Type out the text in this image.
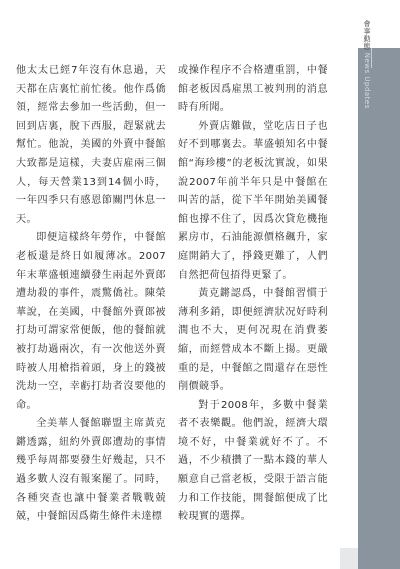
他太太已經7年沒有休息過，天天都在店裏忙前忙後。他作爲僑領，經常去參加一些活動，但一回到店裏，脫下西服，趕緊就去幫忙。他說，美國的外賣中餐館大致都是這樣，夫妻店雇兩三個人，每天營業13到14個小時，一年四季只有感恩節關門休息一天。

即便這樣終年勞作，中餐館老板還是終日如履薄冰。2007年末華盛頓連續發生兩起外賣郎遭劫殺的事件，震驚僑社。陳榮華說，在美國，中餐館外賣郎被打劫可謂家常便飯，他的餐館就被打劫過兩次，有一次他送外賣時被人用槍指着頭，身上的錢被洗劫一空，幸虧打劫者沒要他的命。

全美華人餐館聯盟主席黃克鏘透露，紐約外賣郎遭劫的事情幾乎每周都要發生好幾起，只不過多數人沒有報案罷了。同時，各種突查也讓中餐業者戰戰兢兢，中餐館因爲衛生條件未達標

或操作程序不合格遭重罰，中餐館老板因爲雇黑工被判刑的消息時有所聞。

外賣店難做，堂吃店日子也好不到哪裏去。華盛頓知名中餐館“海珍樓”的老板沈實說，如果說2007年前半年只是中餐館在叫苦的話，從下半年開始美國餐館也撐不住了，因爲次貸危機拖累房市，石油能源價格飆升，家庭開銷大了，掙錢更難了，人們自然把荷包捂得更緊了。

黃克鏘認爲，中餐館習慣于薄利多銷，即便經濟狀况好時利潤也不大，更何况現在消費萎縮，而經營成本不斷上揚。更嚴重的是，中餐館之間還存在惡性削價競爭。

對于2008年，多數中餐業者不表樂觀。他們說，經濟大環境不好，中餐業就好不了。不過，不少積攢了一點本錢的華人願意自己當老板，受限于語言能力和工作技能，開餐館便成了比較現實的選擇。

會事動態 News Updates
